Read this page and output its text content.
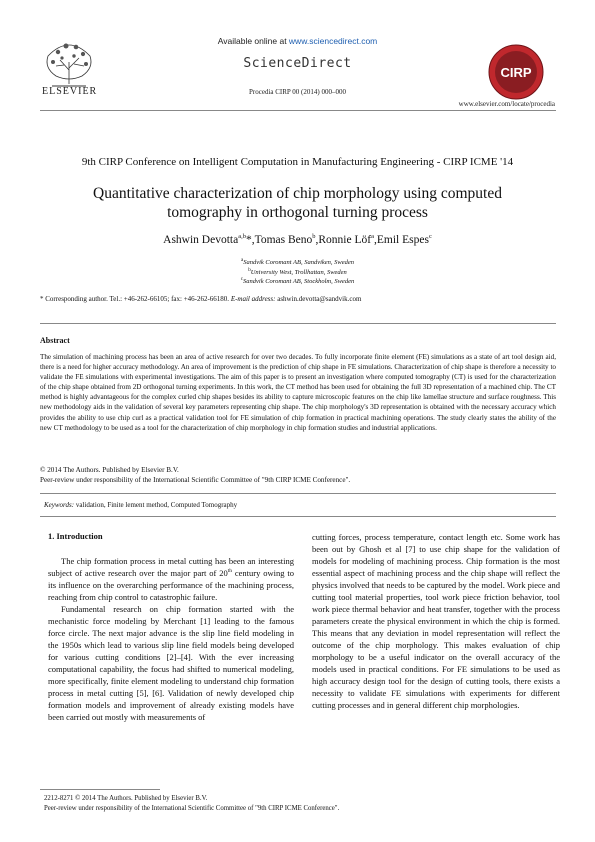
Available online at www.sciencedirect.com
ScienceDirect
Procedia CIRP 00 (2014) 000–000
ELSEVIER
CIRP
www.elsevier.com/locate/procedia
9th CIRP Conference on Intelligent Computation in Manufacturing Engineering - CIRP ICME '14
Quantitative characterization of chip morphology using computed tomography in orthogonal turning process
Ashwin Devotta$^{a,b}$*,Tomas Beno$^b$,Ronnie Löf$^a$,Emil Espes$^c$
$^a$Sandvik Coromant AB, Sandviken, Sweden
$^b$University West, Trollhattan, Sweden
$^c$Sandvik Coromant AB, Stockholm, Sweden
* Corresponding author. Tel.: +46-262-66105; fax: +46-262-66180. E-mail address: ashwin.devotta@sandvik.com
Abstract
The simulation of machining process has been an area of active research for over two decades. To fully incorporate finite element (FE) simulations as a state of art tool design aid, there is a need for higher accuracy methodology. An area of improvement is the prediction of chip shape in FE simulations. Characterization of chip shape is therefore a necessity to validate the FE simulations with experimental investigations. The aim of this paper is to present an investigation where computed tomography (CT) is used for the characterization of the chip shape obtained from 2D orthogonal turning experiments. In this work, the CT method has been used for obtaining the full 3D representation of a machined chip. The CT method is highly advantageous for the complex curled chip shapes besides its ability to capture microscopic features on the chip like lamellae structure and surface roughness. This new methodology aids in the validation of several key parameters representing chip shape. The chip morphology's 3D representation is obtained with the necessary accuracy which provides the ability to use chip curl as a practical validation tool for FE simulation of chip formation in practical machining operations. The study clearly states the ability of the new CT methodology to be used as a tool for the characterization of chip morphology in chip formation studies and industrial applications.
© 2014 The Authors. Published by Elsevier B.V.
Peer-review under responsibility of the International Scientific Committee of "9th CIRP ICME Conference".
Keywords: validation, Finite lement method, Computed Tomography
1. Introduction

The chip formation process in metal cutting has been an interesting subject of active research over the major part of 20th century owing to its influence on the overarching performance of the machining process, reaching from chip control to catastrophic failure.

Fundamental research on chip formation started with the mechanistic force modeling by Merchant [1] leading to the famous force circle. The next major advance is the slip line field modeling in the 1950s which lead to various slip line field models being developed for various cutting conditions [2]–[4]. With the ever increasing computational capability, the focus had shifted to numerical modeling, more specifically, finite element modeling to understand chip formation process in metal cutting [5], [6]. Validation of newly developed chip formation models and improvement of already existing models have been carried out mostly with measurements of

cutting forces, process temperature, contact length etc. Some work has been out by Ghosh et al [7] to use chip shape for the validation of models for modeling of machining process. Chip formation is the most essential aspect of machining process and the chip shape will reflect the physics involved that needs to be captured by the model. Work piece and cutting tool material properties, tool work piece friction behavior, tool work piece thermal behavior and heat transfer, together with the process parameters create the physical environment in which the chip is formed. This means that any deviation in model representation will reflect the outcome of the chip morphology. This makes evaluation of chip morphology to be a useful indicator on the overall accuracy of the models used in practical conditions. For FE simulations to be used as high accuracy design tool for the design of cutting tools, there exists a necessity to validate FE simulations with experiments for different cutting processes and in general different chip morphologies.

2212-8271 © 2014 The Authors. Published by Elsevier B.V.
Peer-review under responsibility of the International Scientific Committee of "9th CIRP ICME Conference".
